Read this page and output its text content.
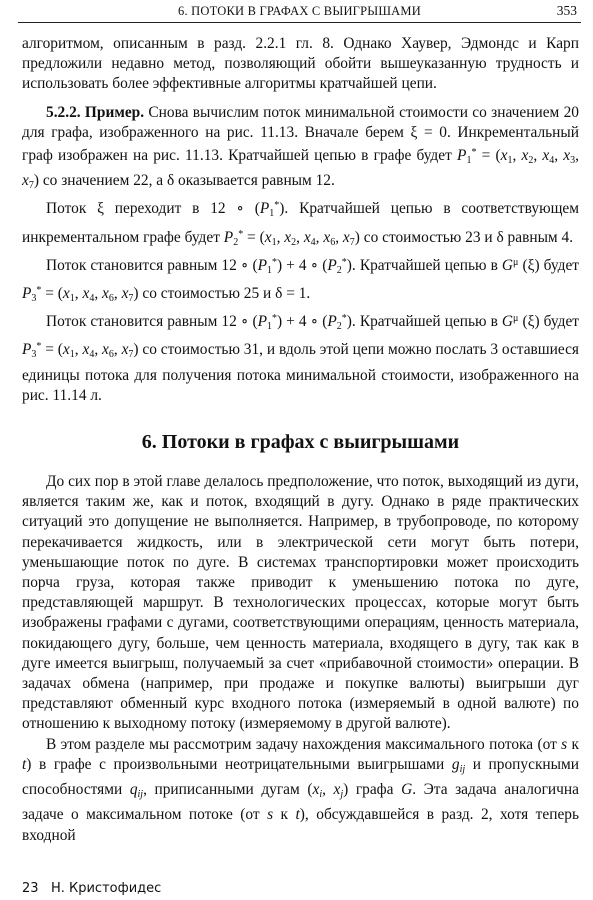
6. ПОТОКИ В ГРАФАХ С ВЫИГРЫШАМИ	353

алгоритмом, описанным в разд. 2.2.1 гл. 8. Однако Хаувер, Эдмондс и Карп предложили недавно метод, позволяющий обойти вышеуказанную трудность и использовать более эффективные алгоритмы кратчайшей цепи.

5.2.2. Пример. Снова вычислим поток минимальной стоимости со значением 20 для графа, изображенного на рис. 11.13. Вначале берем ξ = 0. Инкрементальный граф изображен на рис. 11.13. Кратчайшей цепью в графе будет $P_1^* = (x_1$, $x_2$, $x_4$, $x_3$, $x_7$) со значением 22, а δ оказывается равным 12.

Поток ξ переходит в 12 ∘ $(P_1^*)$. Кратчайшей цепью в соответствующем инкрементальном графе будет $P_2^* = (x_1$, $x_2$, $x_4$, $x_6$, $x_7$) со стоимостью 23 и δ равным 4.

Поток становится равным 12 ∘ $(P_1^*) + 4$ ∘ $(P_2^*)$. Кратчайшей цепью в $G^\mu$ (ξ) будет $P_3^* = (x_1$, $x_4$, $x_6$, $x_7$) со стоимостью 25 и δ = 1.

Поток становится равным 12 ∘ $(P_1^*) + 4$ ∘ $(P_2^*)$. Кратчайшей цепью в $G^\mu$ (ξ) будет $P_3^* = (x_1$, $x_4$, $x_6$, $x_7$) со стоимостью 31, и вдоль этой цепи можно послать 3 оставшиеся единицы потока для получения потока минимальной стоимости, изображенного на рис. 11.14 л.

6. Потоки в графах с выигрышами

До сих пор в этой главе делалось предположение, что поток, выходящий из дуги, является таким же, как и поток, входящий в дугу. Однако в ряде практических ситуаций это допущение не выполняется. Например, в трубопроводе, по которому перекачивается жидкость, или в электрической сети могут быть потери, уменьшающие поток по дуге. В системах транспортировки может происходить порча груза, которая также приводит к уменьшению потока по дуге, представляющей маршрут. В технологических процессах, которые могут быть изображены графами с дугами, соответствующими операциям, ценность материала, покидающего дугу, больше, чем ценность материала, входящего в дугу, так как в дуге имеется выигрыш, получаемый за счет «прибавочной стоимости» операции. В задачах обмена (например, при продаже и покупке валюты) выигрыши дуг представляют обменный курс входного потока (измеряемый в одной валюте) по отношению к выходному потоку (измеряемому в другой валюте).

В этом разделе мы рассмотрим задачу нахождения максимального потока (от s к t) в графе с произвольными неотрицательными выигрышами $g_{ij}$ и пропускными способностями $q_{ij}$, приписанными дугам ($x_i$, $x_j$) графа G. Эта задача аналогична задаче о максимальном потоке (от s к t), обсуждавшейся в разд. 2, хотя теперь входной

23 Н. Кристофидес
